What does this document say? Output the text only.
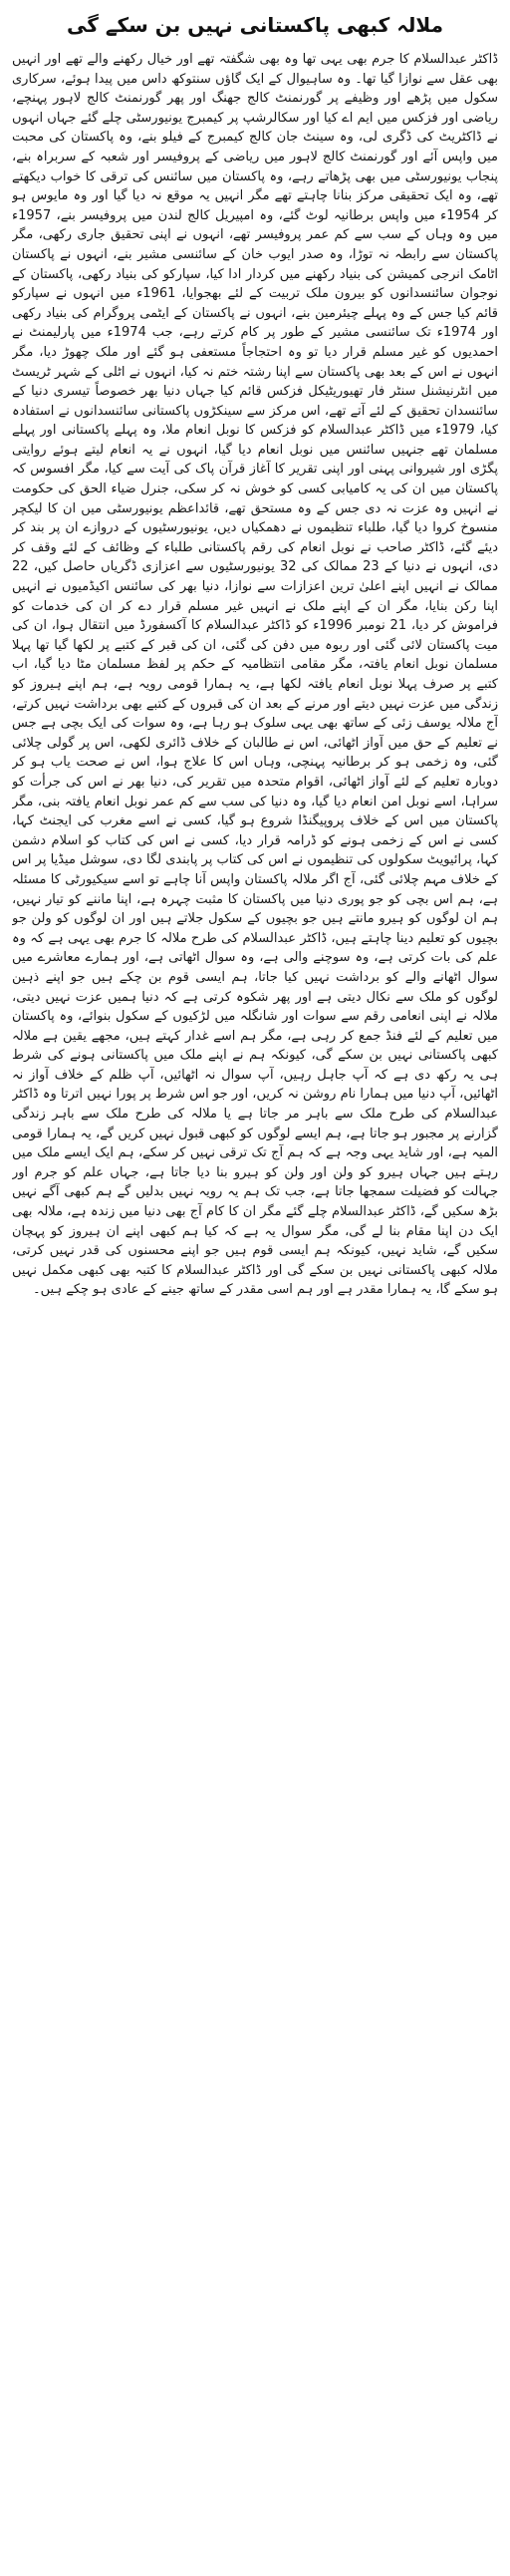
ملالہ کبھی پاکستانی نہیں بن سکے گی

ڈاکٹر عبدالسلام کا جرم بھی یہی تھا وہ بھی شگفتہ تھے اور خیال رکھنے والے تھے اور انہیں بھی عقل سے نوازا گیا تھا۔ وہ ساہیوال کے ایک گاؤں سنتوکھ داس میں پیدا ہوئے، سرکاری سکول میں پڑھے اور وظیفے پر گورنمنٹ کالج جھنگ اور پھر گورنمنٹ کالج لاہور پہنچے، ریاضی اور فزکس میں ایم اے کیا اور سکالرشپ پر کیمبرج یونیورسٹی چلے گئے جہاں انہوں نے ڈاکٹریٹ کی ڈگری لی، وہ سینٹ جان کالج کیمبرج کے فیلو بنے، وہ پاکستان کی محبت میں واپس آئے اور گورنمنٹ کالج لاہور میں ریاضی کے پروفیسر اور شعبہ کے سربراہ بنے، پنجاب یونیورسٹی میں بھی پڑھاتے رہے، وہ پاکستان میں سائنس کی ترقی کا خواب دیکھتے تھے، وہ ایک تحقیقی مرکز بنانا چاہتے تھے مگر انہیں یہ موقع نہ دیا گیا اور وہ مایوس ہو کر 1954ء میں واپس برطانیہ لوٹ گئے، وہ امپیریل کالج لندن میں پروفیسر بنے، 1957ء میں وہ وہاں کے سب سے کم عمر پروفیسر تھے، انہوں نے اپنی تحقیق جاری رکھی، مگر پاکستان سے رابطہ نہ توڑا، وہ صدر ایوب خان کے سائنسی مشیر بنے، انہوں نے پاکستان اٹامک انرجی کمیشن کی بنیاد رکھنے میں کردار ادا کیا، سپارکو کی بنیاد رکھی، پاکستان کے نوجوان سائنسدانوں کو بیرون ملک تربیت کے لئے بھجوایا، 1961ء میں انہوں نے سپارکو قائم کیا جس کے وہ پہلے چیئرمین بنے، انہوں نے پاکستان کے ایٹمی پروگرام کی بنیاد رکھی اور 1974ء تک سائنسی مشیر کے طور پر کام کرتے رہے، جب 1974ء میں پارلیمنٹ نے احمدیوں کو غیر مسلم قرار دیا تو وہ احتجاجاً مستعفی ہو گئے اور ملک چھوڑ دیا، مگر انہوں نے اس کے بعد بھی پاکستان سے اپنا رشتہ ختم نہ کیا، انہوں نے اٹلی کے شہر ٹریسٹ میں انٹرنیشنل سنٹر فار تھیوریٹیکل فزکس قائم کیا جہاں دنیا بھر خصوصاً تیسری دنیا کے سائنسدان تحقیق کے لئے آتے تھے، اس مرکز سے سینکڑوں پاکستانی سائنسدانوں نے استفادہ کیا، 1979ء میں ڈاکٹر عبدالسلام کو فزکس کا نوبل انعام ملا، وہ پہلے پاکستانی اور پہلے مسلمان تھے جنہیں سائنس میں نوبل انعام دیا گیا، انہوں نے یہ انعام لیتے ہوئے روایتی پگڑی اور شیروانی پہنی اور اپنی تقریر کا آغاز قرآن پاک کی آیت سے کیا، مگر افسوس کہ پاکستان میں ان کی یہ کامیابی کسی کو خوش نہ کر سکی، جنرل ضیاء الحق کی حکومت نے انہیں وہ عزت نہ دی جس کے وہ مستحق تھے، قائداعظم یونیورسٹی میں ان کا لیکچر منسوخ کروا دیا گیا، طلباء تنظیموں نے دھمکیاں دیں، یونیورسٹیوں کے دروازے ان پر بند کر دیئے گئے، ڈاکٹر صاحب نے نوبل انعام کی رقم پاکستانی طلباء کے وظائف کے لئے وقف کر دی، انہوں نے دنیا کے 23 ممالک کی 32 یونیورسٹیوں سے اعزازی ڈگریاں حاصل کیں، 22 ممالک نے انہیں اپنے اعلیٰ ترین اعزازات سے نوازا، دنیا بھر کی سائنس اکیڈمیوں نے انہیں اپنا رکن بنایا، مگر ان کے اپنے ملک نے انہیں غیر مسلم قرار دے کر ان کی خدمات کو فراموش کر دیا، 21 نومبر 1996ء کو ڈاکٹر عبدالسلام کا آکسفورڈ میں انتقال ہوا، ان کی میت پاکستان لائی گئی اور ربوہ میں دفن کی گئی، ان کی قبر کے کتبے پر لکھا گیا تھا پہلا مسلمان نوبل انعام یافتہ، مگر مقامی انتظامیہ کے حکم پر لفظ مسلمان مٹا دیا گیا، اب کتبے پر صرف پہلا نوبل انعام یافتہ لکھا ہے، یہ ہمارا قومی رویہ ہے، ہم اپنے ہیروز کو زندگی میں عزت نہیں دیتے اور مرنے کے بعد ان کی قبروں کے کتبے بھی برداشت نہیں کرتے، آج ملالہ یوسف زئی کے ساتھ بھی یہی سلوک ہو رہا ہے، وہ سوات کی ایک بچی ہے جس نے تعلیم کے حق میں آواز اٹھائی، اس نے طالبان کے خلاف ڈائری لکھی، اس پر گولی چلائی گئی، وہ زخمی ہو کر برطانیہ پہنچی، وہاں اس کا علاج ہوا، اس نے صحت یاب ہو کر دوبارہ تعلیم کے لئے آواز اٹھائی، اقوام متحدہ میں تقریر کی، دنیا بھر نے اس کی جرأت کو سراہا، اسے نوبل امن انعام دیا گیا، وہ دنیا کی سب سے کم عمر نوبل انعام یافتہ بنی، مگر پاکستان میں اس کے خلاف پروپیگنڈا شروع ہو گیا، کسی نے اسے مغرب کی ایجنٹ کہا، کسی نے اس کے زخمی ہونے کو ڈرامہ قرار دیا، کسی نے اس کی کتاب کو اسلام دشمن کہا، پرائیویٹ سکولوں کی تنظیموں نے اس کی کتاب پر پابندی لگا دی، سوشل میڈیا پر اس کے خلاف مہم چلائی گئی، آج اگر ملالہ پاکستان واپس آنا چاہے تو اسے سیکیورٹی کا مسئلہ ہے، ہم اس بچی کو جو پوری دنیا میں پاکستان کا مثبت چہرہ ہے، اپنا ماننے کو تیار نہیں، ہم ان لوگوں کو ہیرو مانتے ہیں جو بچیوں کے سکول جلاتے ہیں اور ان لوگوں کو ولن جو بچیوں کو تعلیم دینا چاہتے ہیں، ڈاکٹر عبدالسلام کی طرح ملالہ کا جرم بھی یہی ہے کہ وہ علم کی بات کرتی ہے، وہ سوچنے والی ہے، وہ سوال اٹھاتی ہے، اور ہمارے معاشرے میں سوال اٹھانے والے کو برداشت نہیں کیا جاتا، ہم ایسی قوم بن چکے ہیں جو اپنے ذہین لوگوں کو ملک سے نکال دیتی ہے اور پھر شکوہ کرتی ہے کہ دنیا ہمیں عزت نہیں دیتی، ملالہ نے اپنی انعامی رقم سے سوات اور شانگلہ میں لڑکیوں کے سکول بنوائے، وہ پاکستان میں تعلیم کے لئے فنڈ جمع کر رہی ہے، مگر ہم اسے غدار کہتے ہیں، مجھے یقین ہے ملالہ کبھی پاکستانی نہیں بن سکے گی، کیونکہ ہم نے اپنے ملک میں پاکستانی ہونے کی شرط ہی یہ رکھ دی ہے کہ آپ جاہل رہیں، آپ سوال نہ اٹھائیں، آپ ظلم کے خلاف آواز نہ اٹھائیں، آپ دنیا میں ہمارا نام روشن نہ کریں، اور جو اس شرط پر پورا نہیں اترتا وہ ڈاکٹر عبدالسلام کی طرح ملک سے باہر مر جاتا ہے یا ملالہ کی طرح ملک سے باہر زندگی گزارنے پر مجبور ہو جاتا ہے، ہم ایسے لوگوں کو کبھی قبول نہیں کریں گے، یہ ہمارا قومی المیہ ہے، اور شاید یہی وجہ ہے کہ ہم آج تک ترقی نہیں کر سکے، ہم ایک ایسے ملک میں رہتے ہیں جہاں ہیرو کو ولن اور ولن کو ہیرو بنا دیا جاتا ہے، جہاں علم کو جرم اور جہالت کو فضیلت سمجھا جاتا ہے، جب تک ہم یہ رویہ نہیں بدلیں گے ہم کبھی آگے نہیں بڑھ سکیں گے، ڈاکٹر عبدالسلام چلے گئے مگر ان کا کام آج بھی دنیا میں زندہ ہے، ملالہ بھی ایک دن اپنا مقام بنا لے گی، مگر سوال یہ ہے کہ کیا ہم کبھی اپنے ان ہیروز کو پہچان سکیں گے، شاید نہیں، کیونکہ ہم ایسی قوم ہیں جو اپنے محسنوں کی قدر نہیں کرتی، ملالہ کبھی پاکستانی نہیں بن سکے گی اور ڈاکٹر عبدالسلام کا کتبہ بھی کبھی مکمل نہیں ہو سکے گا، یہ ہمارا مقدر ہے اور ہم اسی مقدر کے ساتھ جینے کے عادی ہو چکے ہیں۔
